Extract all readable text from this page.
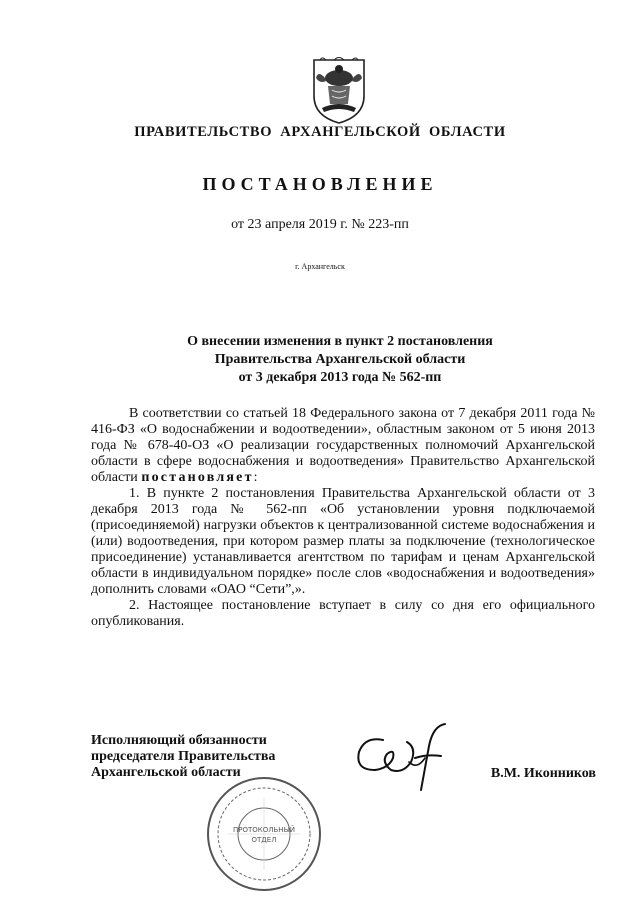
ПРАВИТЕЛЬСТВО АРХАНГЕЛЬСКОЙ ОБЛАСТИ
ПОСТАНОВЛЕНИЕ
от 23 апреля 2019 г. № 223-пп
г. Архангельск
О внесении изменения в пункт 2 постановления
Правительства Архангельской области
от 3 декабря 2013 года № 562-пп

В соответствии со статьей 18 Федерального закона от 7 декабря 2011 года № 416-ФЗ «О водоснабжении и водоотведении», областным законом от 5 июня 2013 года № 678-40-ОЗ «О реализации государственных полномочий Архангельской области в сфере водоснабжения и водоотведения» Правительство Архангельской области постановляет:

1. В пункте 2 постановления Правительства Архангельской области от 3 декабря 2013 года № 562-пп «Об установлении уровня подключаемой (присоединяемой) нагрузки объектов к централизованной системе водоснабжения и (или) водоотведения, при котором размер платы за подключение (технологическое присоединение) устанавливается агентством по тарифам и ценам Архангельской области в индивидуальном порядке» после слов «водоснабжения и водоотведения» дополнить словами «ОАО “Сети”,».

2. Настоящее постановление вступает в силу со дня его официального опубликования.

Исполняющий обязанности
председателя Правительства
Архангельской области	В.М. Иконников
ПРОТОКОЛЬНЫЙ
ОТДЕЛ
